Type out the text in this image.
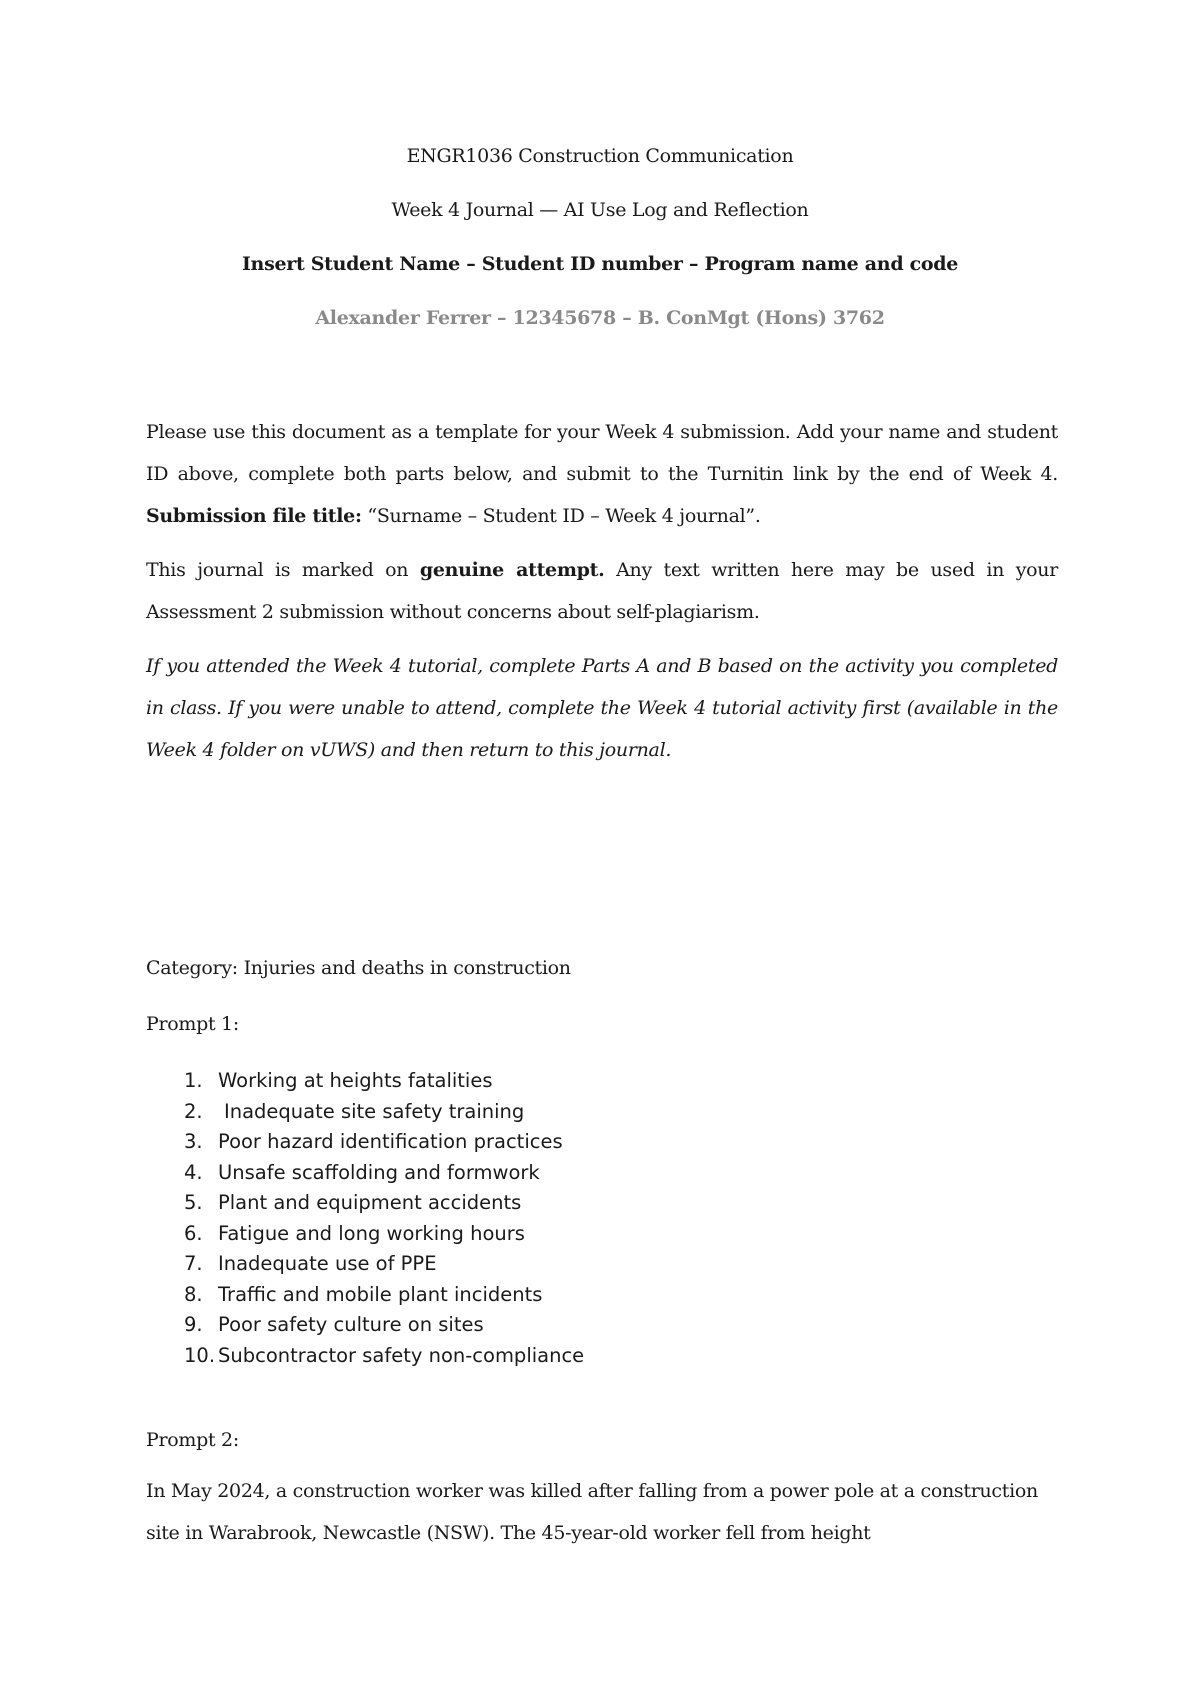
ENGR1036 Construction Communication
Week 4 Journal — AI Use Log and Reflection
Insert Student Name – Student ID number – Program name and code
Alexander Ferrer – 12345678 – B. ConMgt (Hons) 3762

Please use this document as a template for your Week 4 submission. Add your name and student ID above, complete both parts below, and submit to the Turnitin link by the end of Week 4. Submission file title: “Surname – Student ID – Week 4 journal”.

This journal is marked on genuine attempt. Any text written here may be used in your Assessment 2 submission without concerns about self-plagiarism.

If you attended the Week 4 tutorial, complete Parts A and B based on the activity you completed in class. If you were unable to attend, complete the Week 4 tutorial activity first (available in the Week 4 folder on vUWS) and then return to this journal.

Category: Injuries and deaths in construction
Prompt 1:
1. Working at heights fatalities
2.	Inadequate site safety training
3. Poor hazard identification practices
4. Unsafe scaffolding and formwork
5. Plant and equipment accidents
6. Fatigue and long working hours
7. Inadequate use of PPE
8. Traffic and mobile plant incidents
9. Poor safety culture on sites
10. Subcontractor safety non-compliance
Prompt 2:
In May 2024, a construction worker was killed after falling from a power pole at a construction site in Warabrook, Newcastle (NSW). The 45-year-old worker fell from height
